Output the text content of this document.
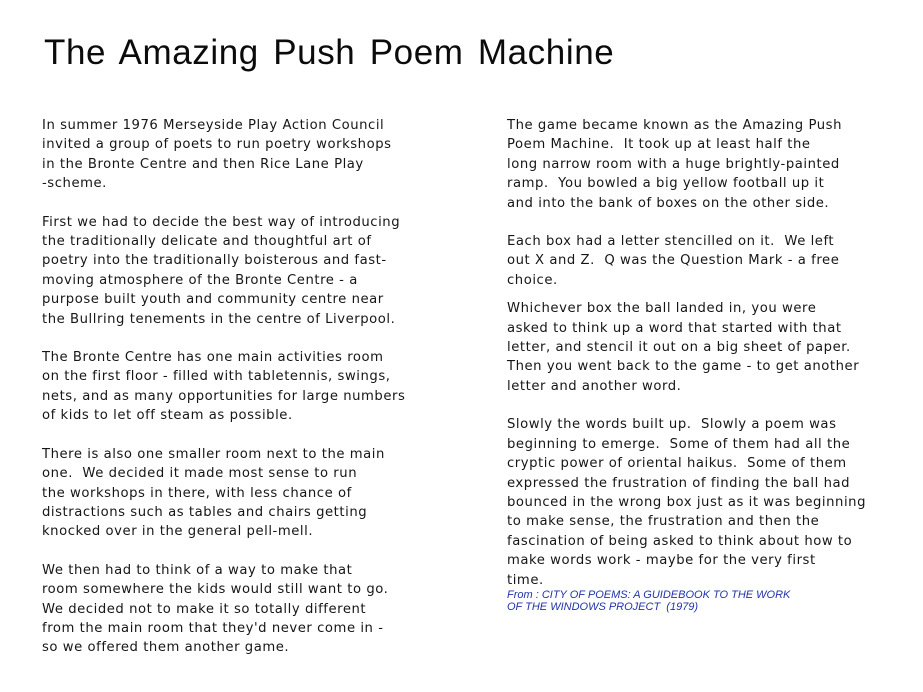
The Amazing Push Poem Machine

In summer 1976 Merseyside Play Action Council
invited a group of poets to run poetry workshops
in the Bronte Centre and then Rice Lane Play
-scheme.

First we had to decide the best way of introducing
the traditionally delicate and thoughtful art of
poetry into the traditionally boisterous and fast-
moving atmosphere of the Bronte Centre - a
purpose built youth and community centre near
the Bullring tenements in the centre of Liverpool.

The Bronte Centre has one main activities room
on the first floor - filled with tabletennis, swings,
nets, and as many opportunities for large numbers
of kids to let off steam as possible.

There is also one smaller room next to the main
one.  We decided it made most sense to run
the workshops in there, with less chance of
distractions such as tables and chairs getting
knocked over in the general pell-mell.

We then had to think of a way to make that
room somewhere the kids would still want to go.
We decided not to make it so totally different
from the main room that they'd never come in -
so we offered them another game.

The game became known as the Amazing Push
Poem Machine.  It took up at least half the
long narrow room with a huge brightly-painted
ramp.  You bowled a big yellow football up it
and into the bank of boxes on the other side.

Each box had a letter stencilled on it.  We left
out X and Z.  Q was the Question Mark - a free
choice.

Whichever box the ball landed in, you were
asked to think up a word that started with that
letter, and stencil it out on a big sheet of paper.
Then you went back to the game - to get another
letter and another word.

Slowly the words built up.  Slowly a poem was
beginning to emerge.  Some of them had all the
cryptic power of oriental haikus.  Some of them
expressed the frustration of finding the ball had
bounced in the wrong box just as it was beginning
to make sense, the frustration and then the
fascination of being asked to think about how to
make words work - maybe for the very first
time.

From : CITY OF POEMS: A GUIDEBOOK TO THE WORK
OF THE WINDOWS PROJECT  (1979)
